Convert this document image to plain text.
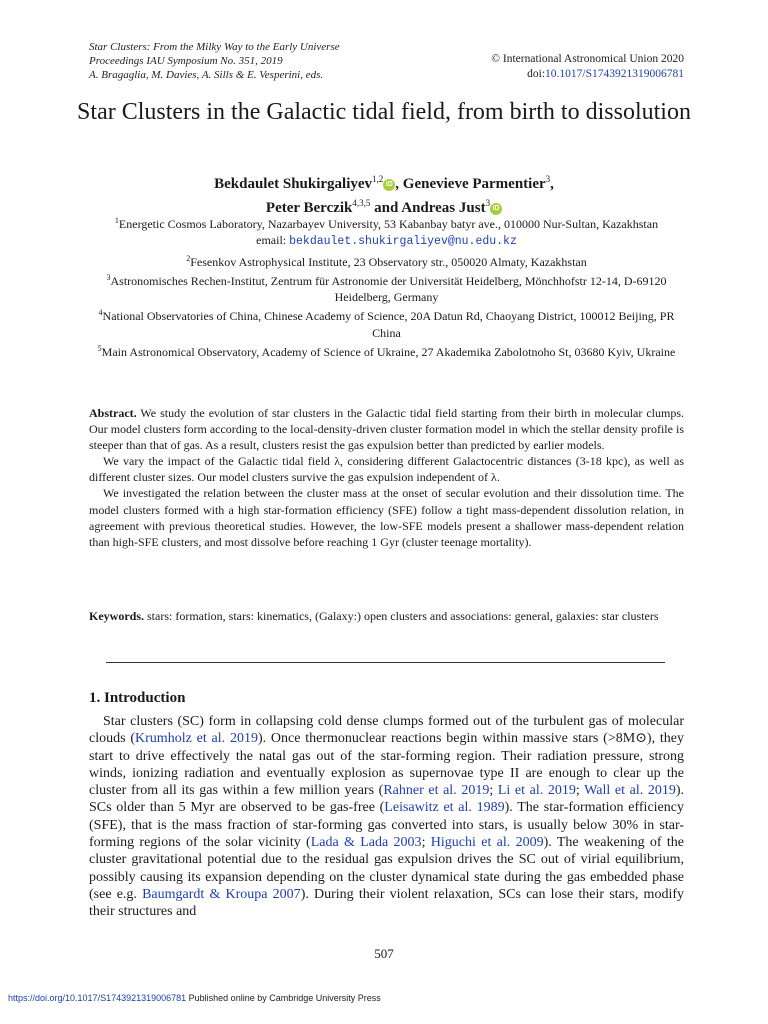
Star Clusters: From the Milky Way to the Early Universe
Proceedings IAU Symposium No. 351, 2019
A. Bragaglia, M. Davies, A. Sills & E. Vesperini, eds.
© International Astronomical Union 2020
doi:10.1017/S1743921319006781
Star Clusters in the Galactic tidal field, from birth to dissolution
Bekdaulet Shukirgaliyev$^{1,2}$iD , Genevieve Parmentier$^3$,
Peter Berczik$^{4,3,5}$ and Andreas Just$^3$iD

$^1$Energetic Cosmos Laboratory, Nazarbayev University, 53 Kabanbay batyr ave., 010000 Nur-Sultan, Kazakhstan

email: bekdaulet.shukirgaliyev@nu.edu.kz

$^2$Fesenkov Astrophysical Institute, 23 Observatory str., 050020 Almaty, Kazakhstan

$^3$Astronomisches Rechen-Institut, Zentrum für Astronomie der Universität Heidelberg, Mönchhofstr 12-14, D-69120 Heidelberg, Germany

$^4$National Observatories of China, Chinese Academy of Science, 20A Datun Rd, Chaoyang District, 100012 Beijing, PR China

$^5$Main Astronomical Observatory, Academy of Science of Ukraine, 27 Akademika Zabolotnoho St, 03680 Kyiv, Ukraine

Abstract. We study the evolution of star clusters in the Galactic tidal field starting from their birth in molecular clumps. Our model clusters form according to the local-density-driven cluster formation model in which the stellar density profile is steeper than that of gas. As a result, clusters resist the gas expulsion better than predicted by earlier models.

We vary the impact of the Galactic tidal field λ, considering different Galactocentric distances (3-18 kpc), as well as different cluster sizes. Our model clusters survive the gas expulsion independent of λ.

We investigated the relation between the cluster mass at the onset of secular evolution and their dissolution time. The model clusters formed with a high star-formation efficiency (SFE) follow a tight mass-dependent dissolution relation, in agreement with previous theoretical studies. However, the low-SFE models present a shallower mass-dependent relation than high-SFE clusters, and most dissolve before reaching 1 Gyr (cluster teenage mortality).

Keywords. stars: formation, stars: kinematics, (Galaxy:) open clusters and associations: general, galaxies: star clusters
1. Introduction

Star clusters (SC) form in collapsing cold dense clumps formed out of the turbulent gas of molecular clouds (Krumholz et al. 2019). Once thermonuclear reactions begin within massive stars (>8M⊙), they start to drive effectively the natal gas out of the star-forming region. Their radiation pressure, strong winds, ionizing radiation and eventually explosion as supernovae type II are enough to clear up the cluster from all its gas within a few million years (Rahner et al. 2019; Li et al. 2019; Wall et al. 2019). SCs older than 5 Myr are observed to be gas-free (Leisawitz et al. 1989). The star-formation efficiency (SFE), that is the mass fraction of star-forming gas converted into stars, is usually below 30% in star-forming regions of the solar vicinity (Lada & Lada 2003; Higuchi et al. 2009). The weakening of the cluster gravitational potential due to the residual gas expulsion drives the SC out of virial equilibrium, possibly causing its expansion depending on the cluster dynamical state during the gas embedded phase (see e.g. Baumgardt & Kroupa 2007). During their violent relaxation, SCs can lose their stars, modify their structures and

507
https://doi.org/10.1017/S1743921319006781 Published online by Cambridge University Press
